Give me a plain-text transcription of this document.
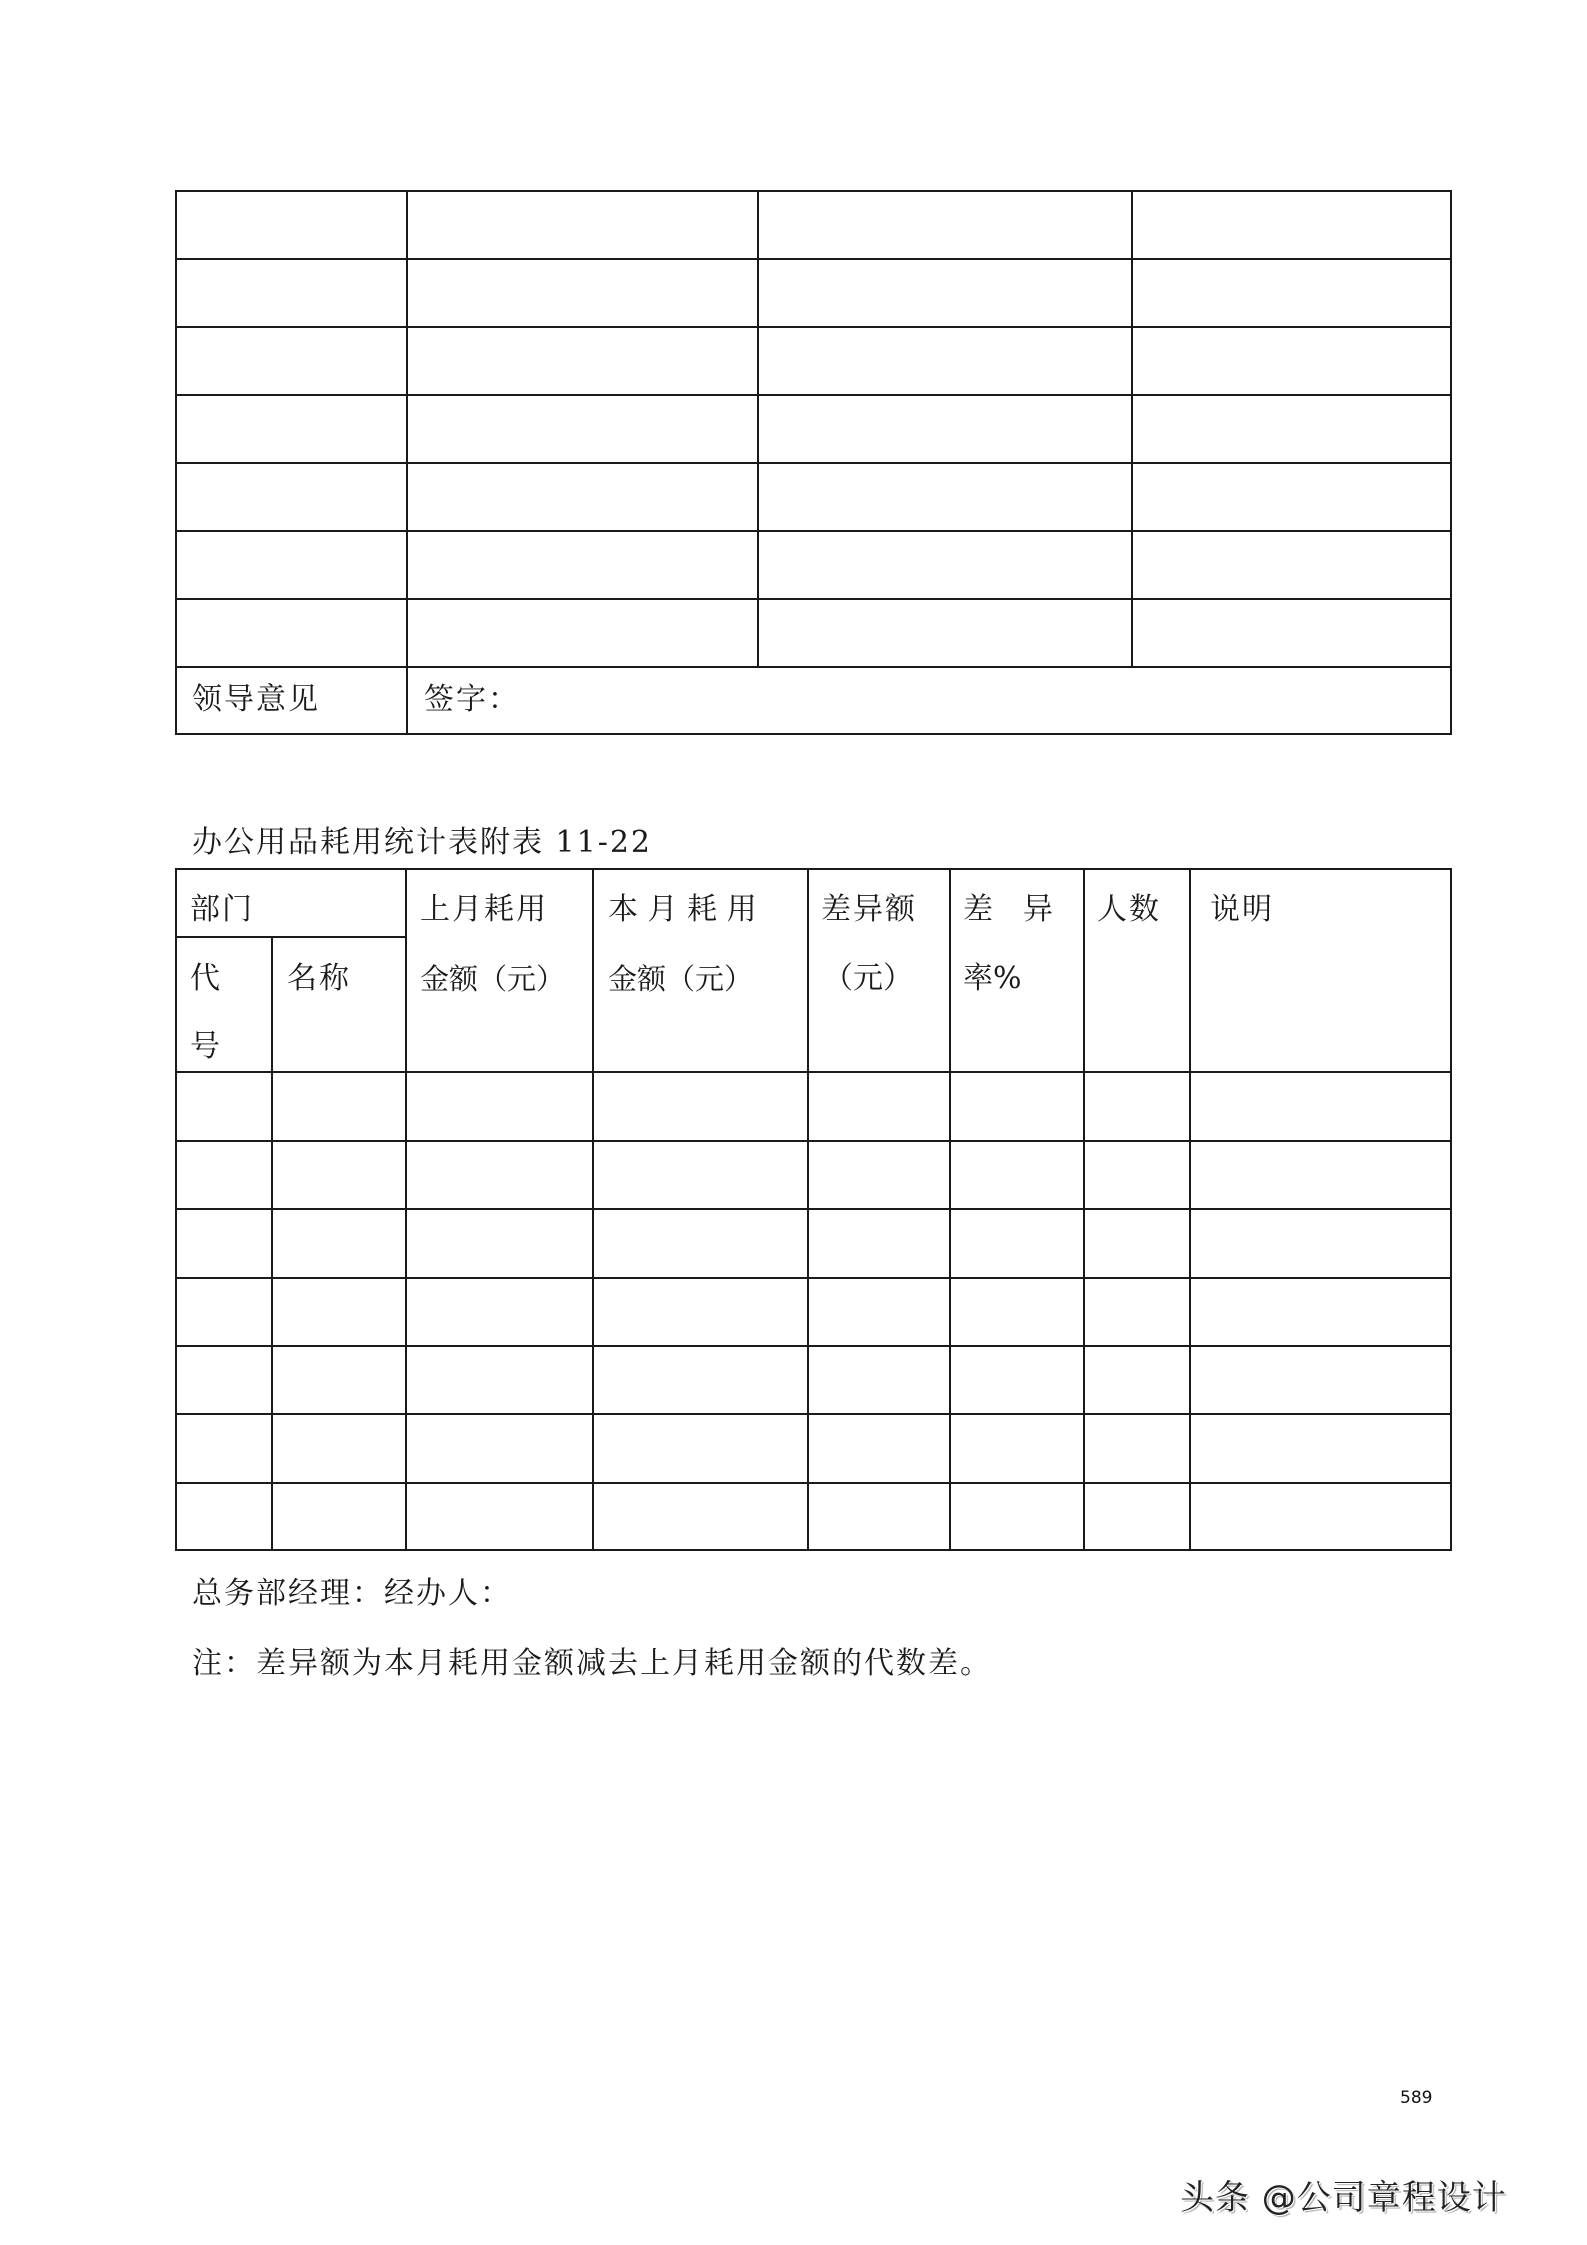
领导意见	签字：
办公用品耗用统计表附表 11-22
部门
代
号
名称
上月耗用
金额（元）
本 月 耗 用
金额（元）
差异额
（元）
差　异
率%
人数 说明
总务部经理：经办人：
注：差异额为本月耗用金额减去上月耗用金额的代数差。
589
头条 @公司章程设计
